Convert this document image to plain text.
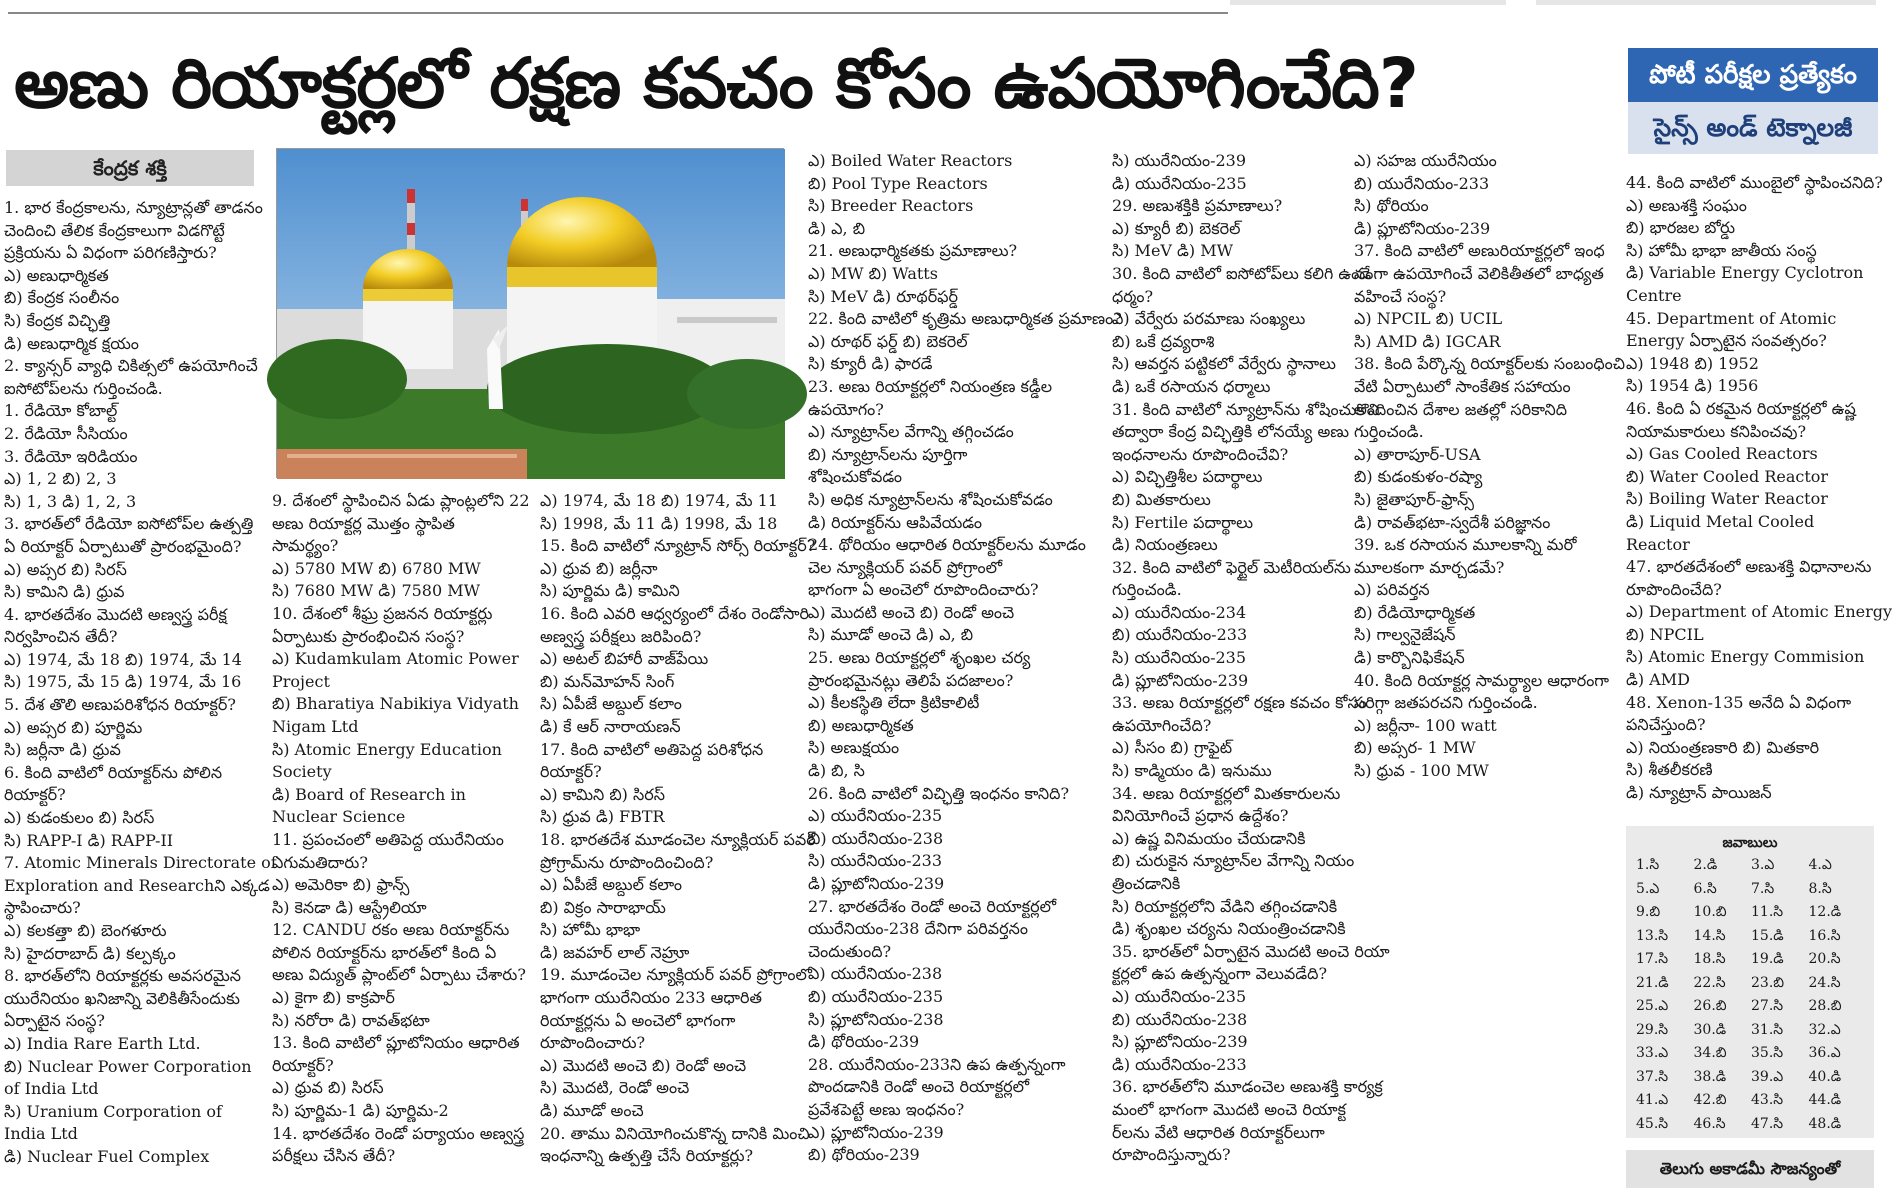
అణు రియాక్టర్లలో రక్షణ కవచం కోసం ఉపయోగించేది?	పోటీ పరీక్షల ప్రత్యేకం
సైన్స్ అండ్ టెక్నాలజీ
కేంద్రక శక్తి
1. భార కేంద్రకాలను, న్యూట్రాన్లతో తాడనం
చెందించి తేలిక కేంద్రకాలుగా విడగొట్టే
ప్రక్రియను ఏ విధంగా పరిగణిస్తారు?
ఎ) అణుధార్మికత
బి) కేంద్రక సంలీనం
సి) కేంద్రక విచ్ఛిత్తి
డి) అణుధార్మిక క్షయం
2. క్యాన్సర్ వ్యాధి చికిత్సలో ఉపయోగించే
ఐసోటోప్‌లను గుర్తించండి.
1. రేడియో కోబాల్ట్
2. రేడియో సీసియం
3. రేడియో ఇరిడియం
ఎ) 1, 2 బి) 2, 3
సి) 1, 3 డి) 1, 2, 3
3. భారత్‌లో రేడియో ఐసోటోప్‌ల ఉత్పత్తి
ఏ రియాక్టర్ ఏర్పాటుతో ప్రారంభమైంది?
ఎ) అప్సర బి) సిరస్
సి) కామిని డి) ధ్రువ
4. భారతదేశం మొదటి అణ్వస్త్ర పరీక్ష
నిర్వహించిన తేదీ?
ఎ) 1974, మే 18 బి) 1974, మే 14
సి) 1975, మే 15 డి) 1974, మే 16
5. దేశ తొలి అణుపరిశోధన రియాక్టర్?
ఎ) అప్సర బి) పూర్ణిమ
సి) జర్లీనా డి) ధ్రువ
6. కింది వాటిలో రియాక్టర్‌ను పోలిన
రియాక్టర్?
ఎ) కుడంకులం బి) సిరస్
సి) RAPP-I డి) RAPP-II
7. Atomic Minerals Directorate of
Exploration and Researchని ఎక్కడ
స్థాపించారు?
ఎ) కలకత్తా బి) బెంగళూరు
సి) హైదరాబాద్ డి) కల్పక్కం
8. భారత్‌లోని రియాక్టర్లకు అవసరమైన
యురేనియం ఖనిజాన్ని వెలికితీసేందుకు
ఏర్పాటైన సంస్థ?
ఎ) India Rare Earth Ltd.
బి) Nuclear Power Corporation
of India Ltd
సి) Uranium Corporation of
India Ltd
డి) Nuclear Fuel Complex
9. దేశంలో స్థాపించిన ఏడు ప్లాంట్లలోని 22
అణు రియాక్టర్ల మొత్తం స్థాపిత
సామర్థ్యం?
ఎ) 5780 MW బి) 6780 MW
సి) 7680 MW డి) 7580 MW
10. దేశంలో శీఘ్ర ప్రజనన రియాక్టర్లు
ఏర్పాటుకు ప్రారంభించిన సంస్థ?
ఎ) Kudamkulam Atomic Power
Project
బి) Bharatiya Nabikiya Vidyath
Nigam Ltd
సి) Atomic Energy Education
Society
డి) Board of Research in
Nuclear Science
11. ప్రపంచంలో అతిపెద్ద యురేనియం
ఎగుమతిదారు?
ఎ) అమెరికా బి) ఫ్రాన్స్
సి) కెనడా డి) ఆస్ట్రేలియా
12. CANDU రకం అణు రియాక్టర్‌ను
పోలిన రియాక్టర్‌ను భారత్‌లో కింది ఏ
అణు విద్యుత్ ప్లాంట్‌లో ఏర్పాటు చేశారు?
ఎ) కైగా బి) కాక్రపార్
సి) నరోరా డి) రావత్‌భటా
13. కింది వాటిలో ప్లూటోనియం ఆధారిత
రియాక్టర్?
ఎ) ధ్రువ బి) సిరస్
సి) పూర్ణిమ-1 డి) పూర్ణిమ-2
14. భారతదేశం రెండో పర్యాయం అణ్వస్త్ర
పరీక్షలు చేసిన తేదీ?
ఎ) 1974, మే 18 బి) 1974, మే 11
సి) 1998, మే 11 డి) 1998, మే 18
15. కింది వాటిలో న్యూట్రాన్ సోర్స్ రియాక్టర్?
ఎ) ధ్రువ బి) జర్లీనా
సి) పూర్ణిమ డి) కామిని
16. కింది ఎవరి ఆధ్వర్యంలో దేశం రెండోసారి
అణ్వస్త్ర పరీక్షలు జరిపింది?
ఎ) అటల్ బిహారీ వాజ్‌పేయి
బి) మన్‌మోహన్ సింగ్
సి) ఏపీజే అబ్దుల్ కలాం
డి) కే ఆర్ నారాయణన్
17. కింది వాటిలో అతిపెద్ద పరిశోధన
రియాక్టర్?
ఎ) కామిని బి) సిరస్
సి) ధ్రువ డి) FBTR
18. భారతదేశ మూడంచెల న్యూక్లియర్ పవర్
ప్రోగ్రామ్‌ను రూపొందించింది?
ఎ) ఏపీజే అబ్దుల్ కలాం
బి) విక్రం సారాభాయ్
సి) హోమీ భాభా
డి) జవహర్ లాల్ నెహ్రూ
19. మూడంచెల న్యూక్లియర్ పవర్ ప్రోగ్రాంలో
భాగంగా యురేనియం 233 ఆధారిత
రియాక్టర్లను ఏ అంచెలో భాగంగా
రూపొందించారు?
ఎ) మొదటి అంచె బి) రెండో అంచె
సి) మొదటి, రెండో అంచె
డి) మూడో అంచె
20. తాము వినియోగించుకొన్న దానికి మించి
ఇంధనాన్ని ఉత్పత్తి చేసే రియాక్టర్లు?
ఎ) Boiled Water Reactors
బి) Pool Type Reactors
సి) Breeder Reactors
డి) ఎ, బి
21. అణుధార్మికతకు ప్రమాణాలు?
ఎ) MW బి) Watts
సి) MeV డి) రూథర్‌ఫర్డ్
22. కింది వాటిలో కృత్రిమ అణుధార్మికత ప్రమాణం?
ఎ) రూథర్ ఫర్డ్ బి) బెకరెల్
సి) క్యూరీ డి) ఫారడే
23. అణు రియాక్టర్లలో నియంత్రణ కడ్డీల
ఉపయోగం?
ఎ) న్యూట్రాన్‌ల వేగాన్ని తగ్గించడం
బి) న్యూట్రాన్‌లను పూర్తిగా
శోషించుకోవడం
సి) అధిక న్యూట్రాన్‌లను శోషించుకోవడం
డి) రియాక్టర్‌ను ఆపివేయడం
24. థోరియం ఆధారిత రియాక్టర్‌లను మూడం
చెల న్యూక్లియర్ పవర్ ప్రోగ్రాంలో
భాగంగా ఏ అంచెలో రూపొందించారు?
ఎ) మొదటి అంచె బి) రెండో అంచె
సి) మూడో అంచె డి) ఎ, బి
25. అణు రియాక్టర్లలో శృంఖల చర్య
ప్రారంభమైనట్లు తెలిపే పదజాలం?
ఎ) కీలకస్థితి లేదా క్రిటికాలిటీ
బి) అణుధార్మికత
సి) అణుక్షయం
డి) బి, సి
26. కింది వాటిలో విచ్ఛిత్తి ఇంధనం కానిది?
ఎ) యురేనియం-235
బి) యురేనియం-238
సి) యురేనియం-233
డి) ప్లూటోనియం-239
27. భారతదేశం రెండో అంచె రియాక్టర్లలో
యురేనియం-238 దేనిగా పరివర్తనం
చెందుతుంది?
ఎ) యురేనియం-238
బి) యురేనియం-235
సి) ప్లూటోనియం-238
డి) థోరియం-239
28. యురేనియం-233ని ఉప ఉత్పన్నంగా
పొందడానికి రెండో అంచె రియాక్టర్లలో
ప్రవేశపెట్టే అణు ఇంధనం?
ఎ) ప్లూటోనియం-239
బి) థోరియం-239
సి) యురేనియం-239
డి) యురేనియం-235
29. అణుశక్తికి ప్రమాణాలు?
ఎ) క్యూరీ బి) బెకరెల్
సి) MeV డి) MW
30. కింది వాటిలో ఐసోటోప్‌లు కలిగి ఉండే
ధర్మం?
ఎ) వేర్వేరు పరమాణు సంఖ్యలు
బి) ఒకే ద్రవ్యరాశి
సి) ఆవర్తన పట్టికలో వేర్వేరు స్థానాలు
డి) ఒకే రసాయన ధర్మాలు
31. కింది వాటిలో న్యూట్రాన్‌ను శోషించుకొని
తద్వారా కేంద్ర విచ్ఛిత్తికి లోనయ్యే అణు
ఇంధనాలను రూపొందించేవి?
ఎ) విచ్ఛిత్తిశీల పదార్థాలు
బి) మితకారులు
సి) Fertile పదార్థాలు
డి) నియంత్రణలు
32. కింది వాటిలో ఫెర్టైల్ మెటీరియల్‌ను
గుర్తించండి.
ఎ) యురేనియం-234
బి) యురేనియం-233
సి) యురేనియం-235
డి) ప్లూటోనియం-239
33. అణు రియాక్టర్లలో రక్షణ కవచం కోసం
ఉపయోగించేది?
ఎ) సీసం బి) గ్రాఫైట్
సి) కాడ్మియం డి) ఇనుము
34. అణు రియాక్టర్లలో మితకారులను
వినియోగించే ప్రధాన ఉద్దేశం?
ఎ) ఉష్ణ వినిమయం చేయడానికి
బి) చురుకైన న్యూట్రాన్‌ల వేగాన్ని నియం
త్రించడానికి
సి) రియాక్టర్లలోని వేడిని తగ్గించడానికి
డి) శృంఖల చర్యను నియంత్రించడానికి
35. భారత్‌లో ఏర్పాటైన మొదటి అంచె రియా
క్టర్లలో ఉప ఉత్పన్నంగా వెలువడేది?
ఎ) యురేనియం-235
బి) యురేనియం-238
సి) ప్లూటోనియం-239
డి) యురేనియం-233
36. భారత్‌లోని మూడంచెల అణుశక్తి కార్యక్ర
మంలో భాగంగా మొదటి అంచె రియాక్ట
ర్‌లను వేటి ఆధారిత రియాక్టర్‌లుగా
రూపొందిస్తున్నారు?
ఎ) సహజ యురేనియం
బి) యురేనియం-233
సి) థోరియం
డి) ప్లూటోనియం-239
37. కింది వాటిలో అణురియాక్టర్లలో ఇంధ
నంగా ఉపయోగించే వెలికితీతలో బాధ్యత
వహించే సంస్థ?
ఎ) NPCIL బి) UCIL
సి) AMD డి) IGCAR
38. కింది పేర్కొన్న రియాక్టర్‌లకు సంబంధించి
వేటి ఏర్పాటులో సాంకేతిక సహాయం
అందించిన దేశాల జతల్లో సరికానిది
గుర్తించండి.
ఎ) తారాపూర్-USA
బి) కుడంకుళం-రష్యా
సి) జైతాపూర్-ఫ్రాన్స్
డి) రావత్‌భటా-స్వదేశీ పరిజ్ఞానం
39. ఒక రసాయన మూలకాన్ని మరో
మూలకంగా మార్చడమే?
ఎ) పరివర్తన
బి) రేడియోధార్మికత
సి) గాల్వనైజేషన్
డి) కార్బొనిఫికేషన్
40. కింది రియాక్టర్ల సామర్థ్యాల ఆధారంగా
సరిగ్గా జతపరచని గుర్తించండి.
ఎ) జర్లీనా- 100 watt
బి) అప్సర- 1 MW
సి) ధ్రువ - 100 MW
44. కింది వాటిలో ముంబైలో స్థాపించనిది?
ఎ) అణుశక్తి సంఘం
బి) భారజల బోర్డు
సి) హోమీ భాభా జాతీయ సంస్థ
డి) Variable Energy Cyclotron
Centre
45. Department of Atomic
Energy ఏర్పాటైన సంవత్సరం?
ఎ) 1948 బి) 1952
సి) 1954 డి) 1956
46. కింది ఏ రకమైన రియాక్టర్లలో ఉష్ణ
నియామకారులు కనిపించవు?
ఎ) Gas Cooled Reactors
బి) Water Cooled Reactor
సి) Boiling Water Reactor
డి) Liquid Metal Cooled
Reactor
47. భారతదేశంలో అణుశక్తి విధానాలను
రూపొందించేది?
ఎ) Department of Atomic Energy
బి) NPCIL
సి) Atomic Energy Commision
డి) AMD
48. Xenon-135 అనేది ఏ విధంగా
పనిచేస్తుంది?
ఎ) నియంత్రణకారి బి) మితకారి
సి) శీతలీకరణి
డి) న్యూట్రాన్ పాయిజన్
జవాబులు
1.సి	2.డి	3.ఎ	4.ఎ
5.ఎ	6.సి	7.సి	8.సి
9.బి	10.బి	11.సి	12.డి
13.సి	14.సి	15.డి	16.సి
17.సి	18.సి	19.డి	20.సి
21.డి	22.సి	23.బి	24.సి
25.ఎ	26.బి	27.సి	28.బి
29.సి	30.డి	31.సి	32.ఎ
33.ఎ	34.బి	35.సి	36.ఎ
37.సి	38.డి	39.ఎ	40.డి
41.ఎ	42.బి	43.సి	44.డి
45.సి	46.సి	47.సి	48.డి
తెలుగు అకాడమీ సౌజన్యంతో
